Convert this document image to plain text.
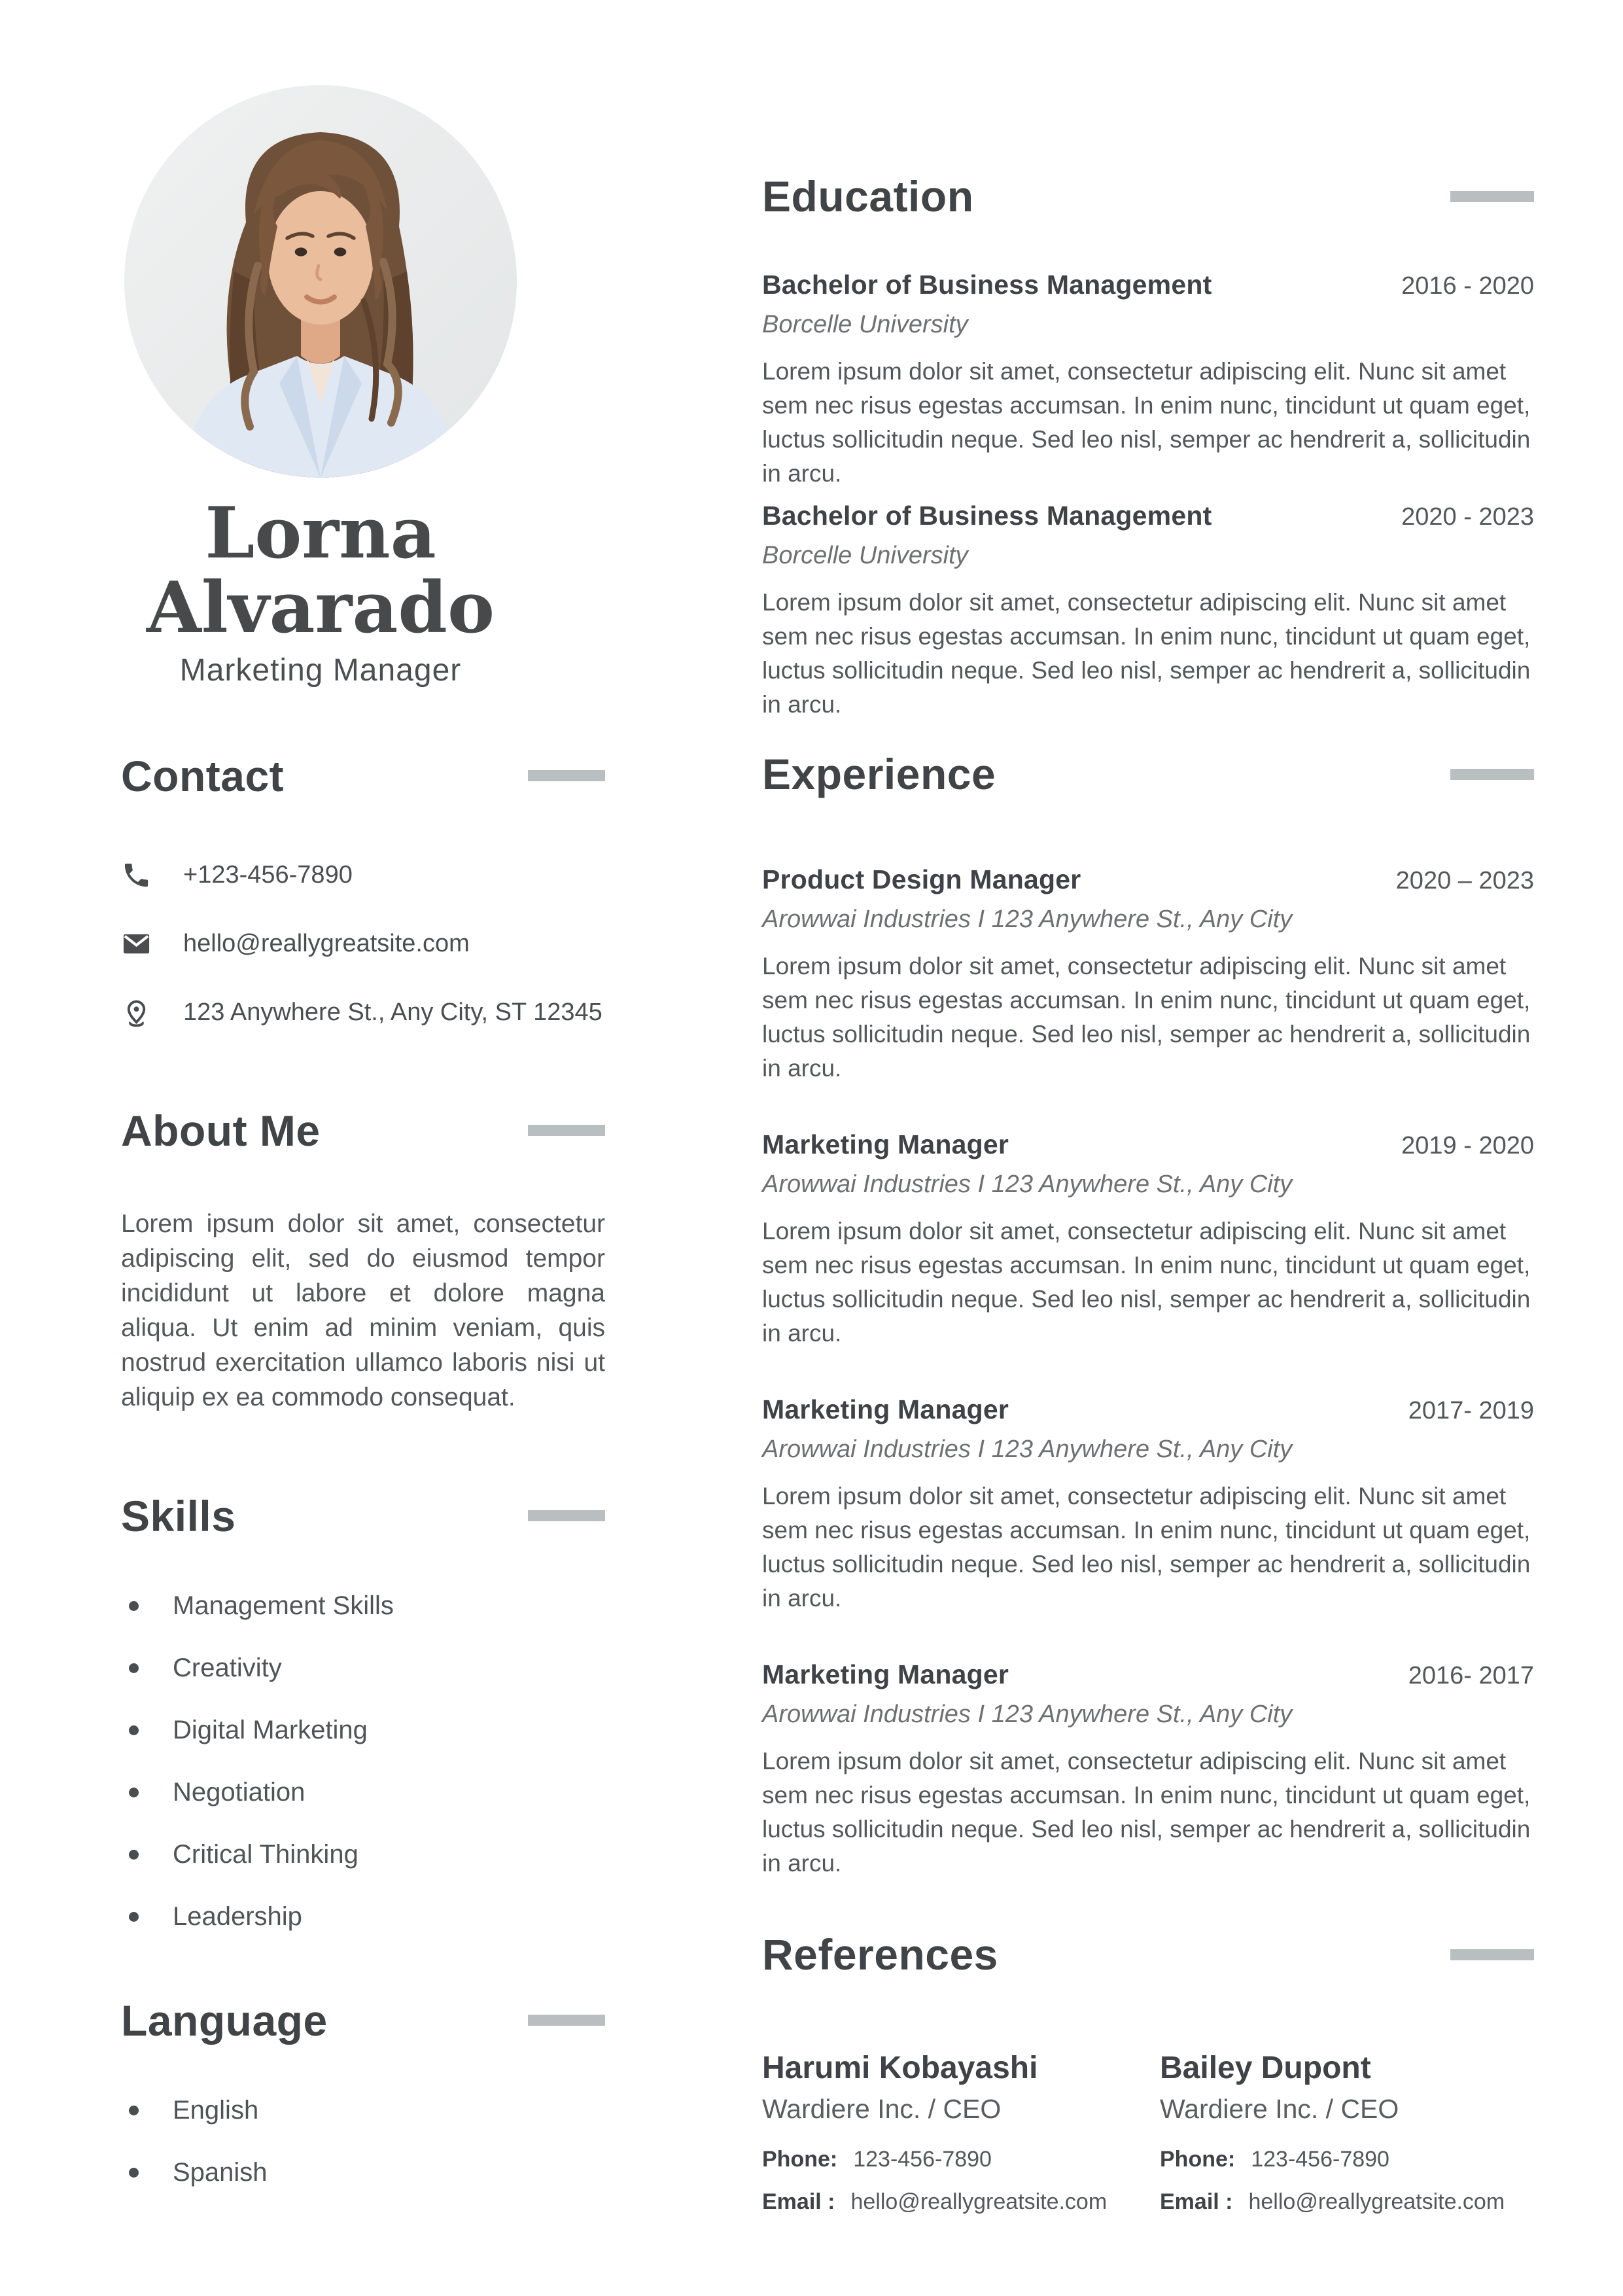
Lorna
Alvarado
Marketing Manager
Contact
+123-456-7890
hello@reallygreatsite.com
123 Anywhere St., Any City, ST 12345
About Me

Lorem ipsum dolor sit amet, consectetur adipiscing elit, sed do eiusmod tempor incididunt ut labore et dolore magna aliqua. Ut enim ad minim veniam, quis nostrud exercitation ullamco laboris nisi ut aliquip ex ea commodo consequat.

Skills
Management Skills
Creativity
Digital Marketing
Negotiation
Critical Thinking
Leadership
Language
English
Spanish
Education
Bachelor of Business Management	2016 - 2020
Borcelle University

Lorem ipsum dolor sit amet, consectetur adipiscing elit. Nunc sit amet sem nec risus egestas accumsan. In enim nunc, tincidunt ut quam eget, luctus sollicitudin neque. Sed leo nisl, semper ac hendrerit a, sollicitudin in arcu.

Bachelor of Business Management	2020 - 2023
Borcelle University

Lorem ipsum dolor sit amet, consectetur adipiscing elit. Nunc sit amet sem nec risus egestas accumsan. In enim nunc, tincidunt ut quam eget, luctus sollicitudin neque. Sed leo nisl, semper ac hendrerit a, sollicitudin in arcu.

Experience
Product Design Manager	2020 – 2023
Arowwai Industries I 123 Anywhere St., Any City

Lorem ipsum dolor sit amet, consectetur adipiscing elit. Nunc sit amet sem nec risus egestas accumsan. In enim nunc, tincidunt ut quam eget, luctus sollicitudin neque. Sed leo nisl, semper ac hendrerit a, sollicitudin in arcu.

Marketing Manager	2019 - 2020
Arowwai Industries I 123 Anywhere St., Any City

Lorem ipsum dolor sit amet, consectetur adipiscing elit. Nunc sit amet sem nec risus egestas accumsan. In enim nunc, tincidunt ut quam eget, luctus sollicitudin neque. Sed leo nisl, semper ac hendrerit a, sollicitudin in arcu.

Marketing Manager	2017- 2019
Arowwai Industries I 123 Anywhere St., Any City

Lorem ipsum dolor sit amet, consectetur adipiscing elit. Nunc sit amet sem nec risus egestas accumsan. In enim nunc, tincidunt ut quam eget, luctus sollicitudin neque. Sed leo nisl, semper ac hendrerit a, sollicitudin in arcu.

Marketing Manager	2016- 2017
Arowwai Industries I 123 Anywhere St., Any City

Lorem ipsum dolor sit amet, consectetur adipiscing elit. Nunc sit amet sem nec risus egestas accumsan. In enim nunc, tincidunt ut quam eget, luctus sollicitudin neque. Sed leo nisl, semper ac hendrerit a, sollicitudin in arcu.

References
Harumi Kobayashi
Wardiere Inc. / CEO
Phone: 123-456-7890
Email : hello@reallygreatsite.com
Bailey Dupont
Wardiere Inc. / CEO
Phone: 123-456-7890
Email : hello@reallygreatsite.com
